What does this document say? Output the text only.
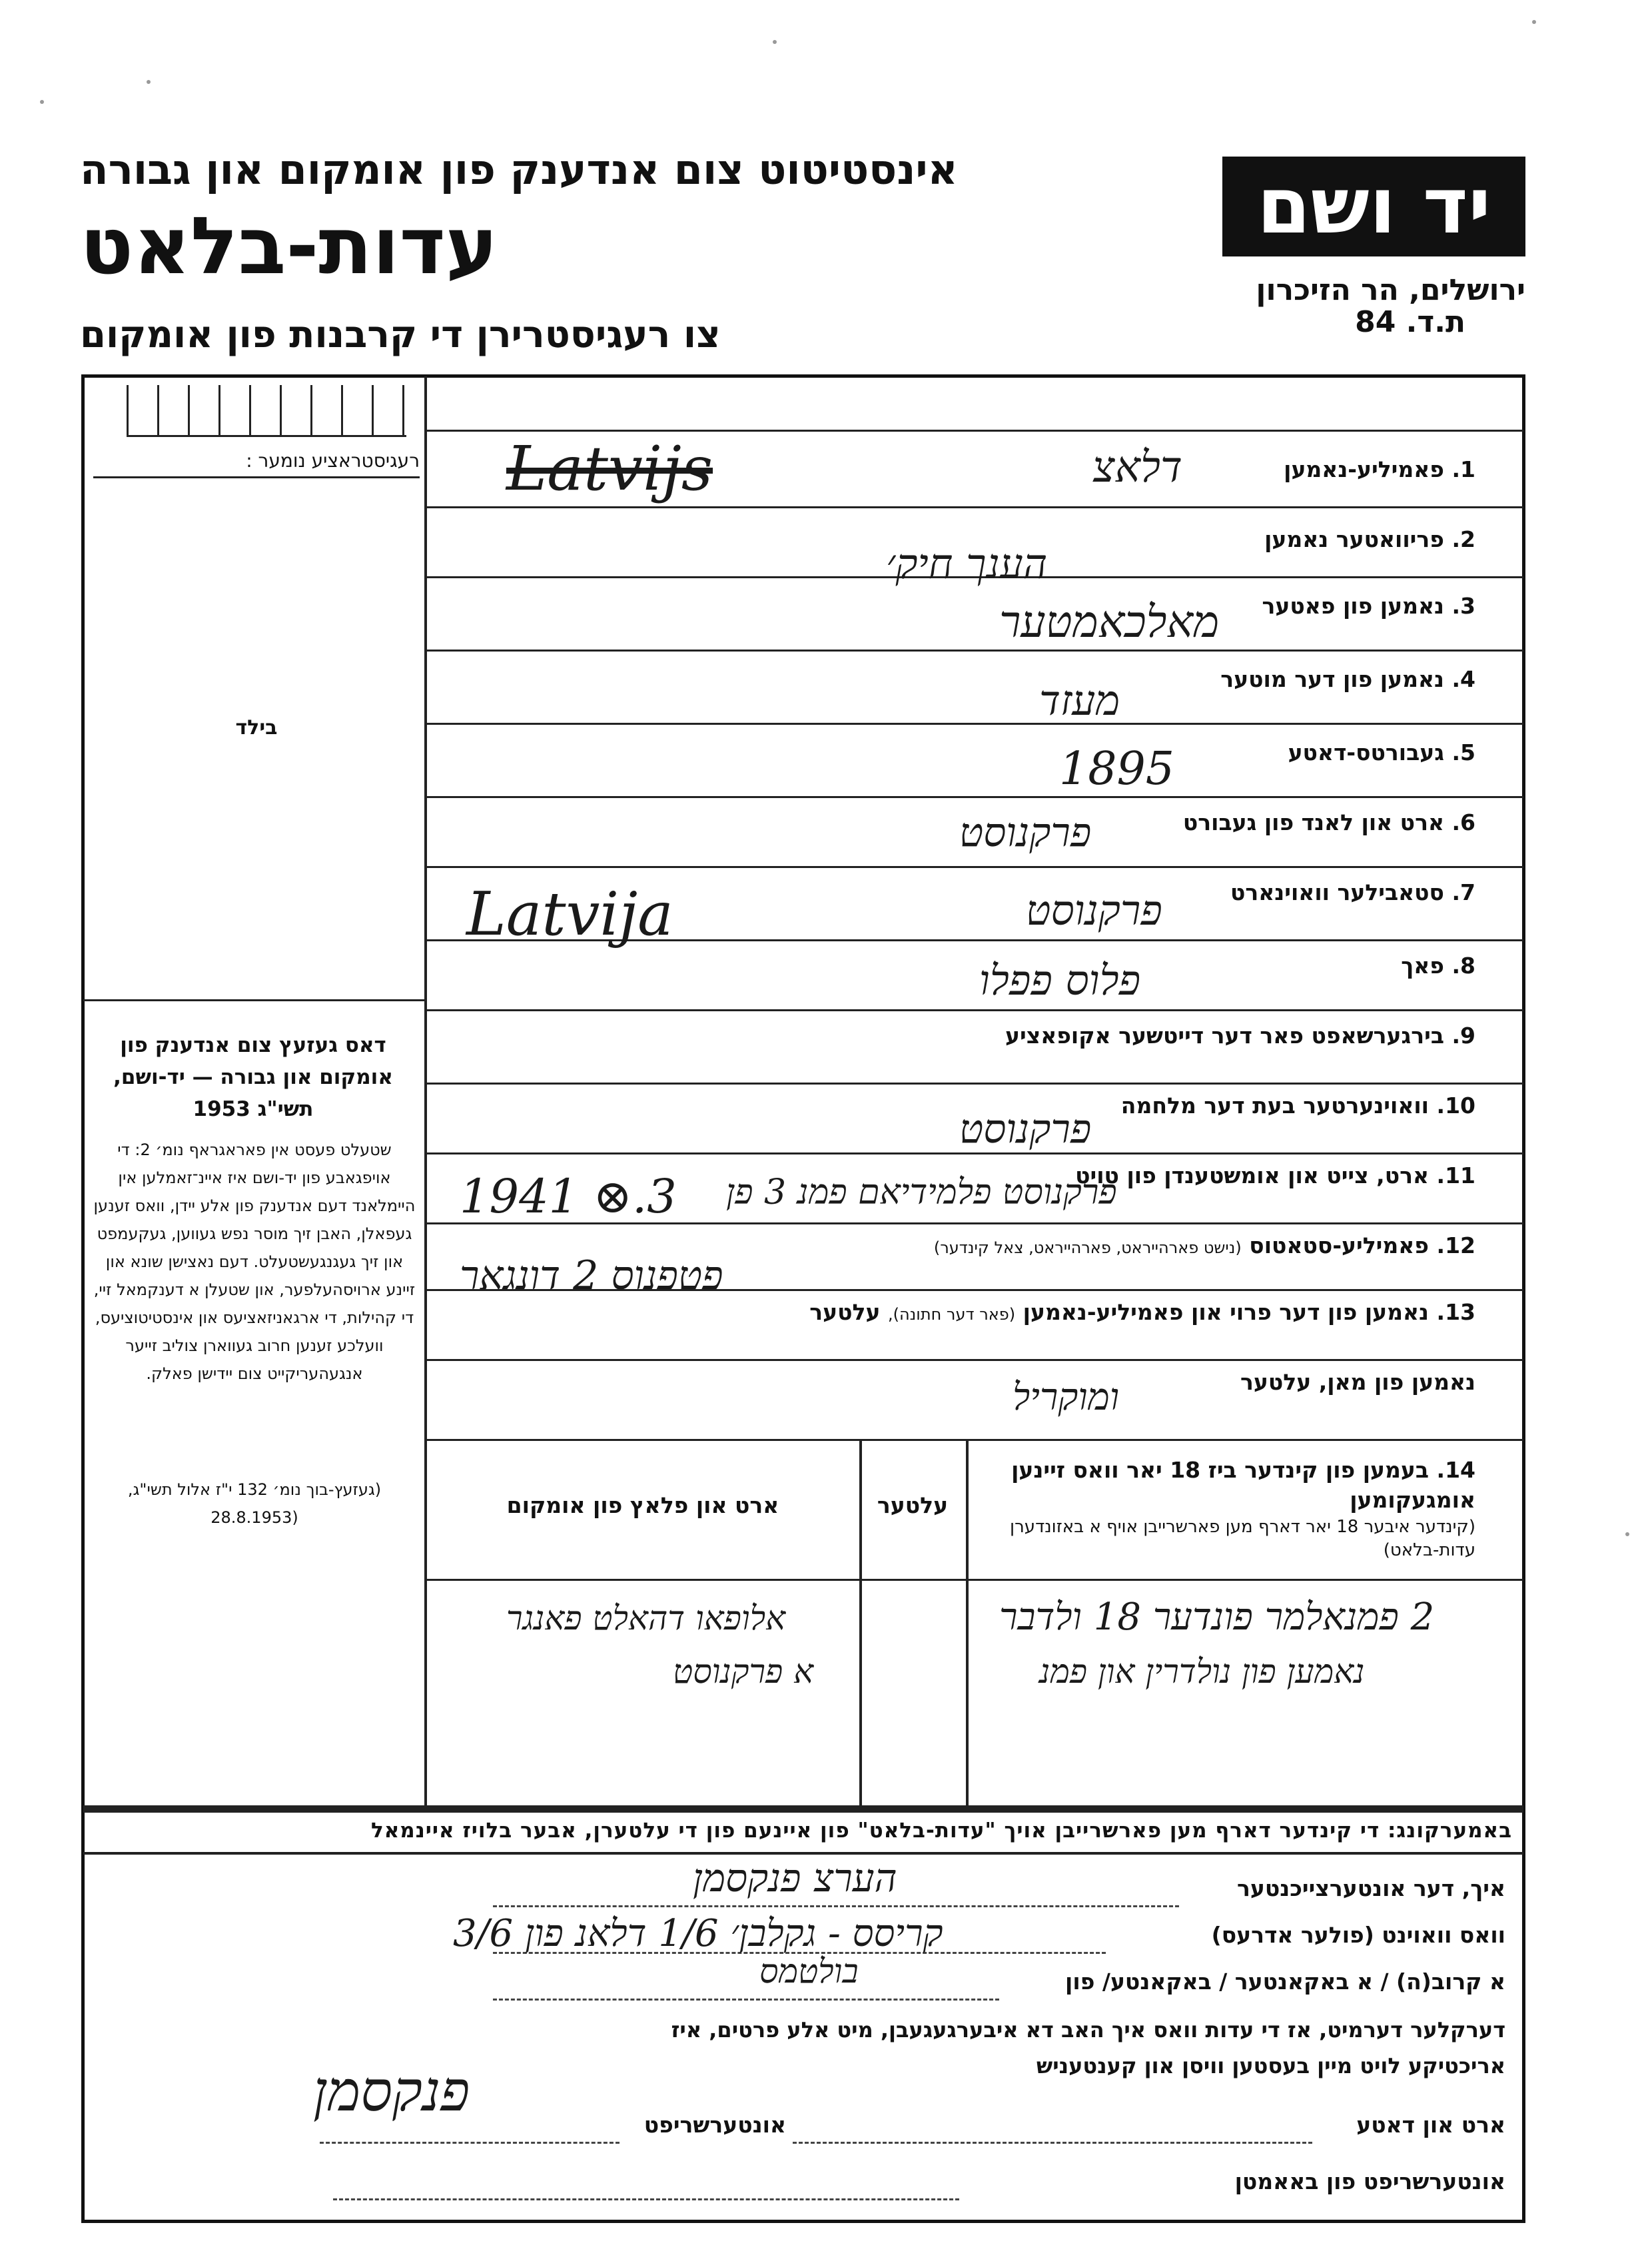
אינסטיטוט צום אנדענק פון אומקום און גבורה
עדות-בלאט
צו רעגיסטרירן די קרבנות פון אומקום
יד ושם
ירושלים, הר הזיכרון
ת.ד. 84
רעגיסטראציע נומער :
בילד
דאס געזעץ צום אנדענק פון אומקום און גבורה — יד-ושם, תשי"ג 1953
שטעלט פעסט אין פאראגראף נומ׳ 2: די אויפגאבע פון יד-ושם איז איינ־זאמלען אין היימלאנד דעם אנדענק פון אלע יידן, וואס זענען געפאלן, האבן זיך מוסר נפש געווען, געקעמפט און זיך געגנגעשטעלט. דעם נאצישן שונא און זיינע ארויסהעלפער, און שטעלן א דענקמאל זיי, די קהילות, די ארגאניזאציעס און אינסטיטוציעס, וועלכע זענען חרוב געווארן צוליב זייער אנגעהעריקייט צום יידישן פאלק.
(געזעץ-בוך נומ׳ 132 י"ז אלול תשי"ג, (28.8.1953
1. פאמיליע-נאמען
2. פריוואטער נאמען
3. נאמען פון פאטער
4. נאמען פון דער מוטער
5. געבורטס-דאטע
6. ארט און לאנד פון געבורט
7. סטאבילער וואוינארט
8. פאך
9. בירגערשאפט פאר דער דייטשער אקופאציע
10. וואוינערטער בעת דער מלחמה
11. ארט, צייט און אומשטענדן פון טויט
12. פאמיליע-סטאטוס (נישט פארהייראט, פארהייראט, צאל קינדער)
13. נאמען פון דער פרוי און פאמיליע-נאמען (פאר דער חתונה), עלטער
נאמען פון מאן, עלטער
Latvijs	דלאצ
הענך חיק׳
מאלכאמטער
מעזד
1895
פרקנוסט
Latvija	פרקנוסט
פלוס פפלו
פרקנוסט
1941 ⊗.3 פרקנוסט פלמידיאם פמנ 3 פן
פטפנוס 2 דונגאר
ומוקריל
14. בעמען פון קינדער ביז 18 יאר וואס זיינען אומגעקומען
(קינדער איבער 18 יאר דארף מען פארשרייבן אויף א באזונדערן עדות-בלאט)
עלטער
ארט און פלאץ פון אומקום
2 פמנאלמר פונדער 18 ולדבר
נאמען פון נולדרין און פמנ
אלופאו דהאלט פאנגר
א פרקנוסט
באמערקונג: די קינדער דארף מען פארשרייבן אויך "עדות-בלאט" פון איינעם פון די עלטערן, אבער בלויז איינמאל
איך, דער אונטערצייכנטער
הערצ פנקסמן
וואס וואוינט (פולער אדרעס)
קריסס - גקלבן׳ 1/6 דלאנ פון 3/6
א קרוב(ה) / א באקאנטער / באקאנטע/ פון
בולטמס
דערקלער דערמיט, אז די עדות וואס איך האב דא איבערגעגעבן, מיט אלע פרטים, איז אריכטיקע לויט מיין בעסטען וויסן און קענטעניש
ארט און דאטע
אונטערשריפט
פנקסמן
אונטערשריפט פון באאמטן
